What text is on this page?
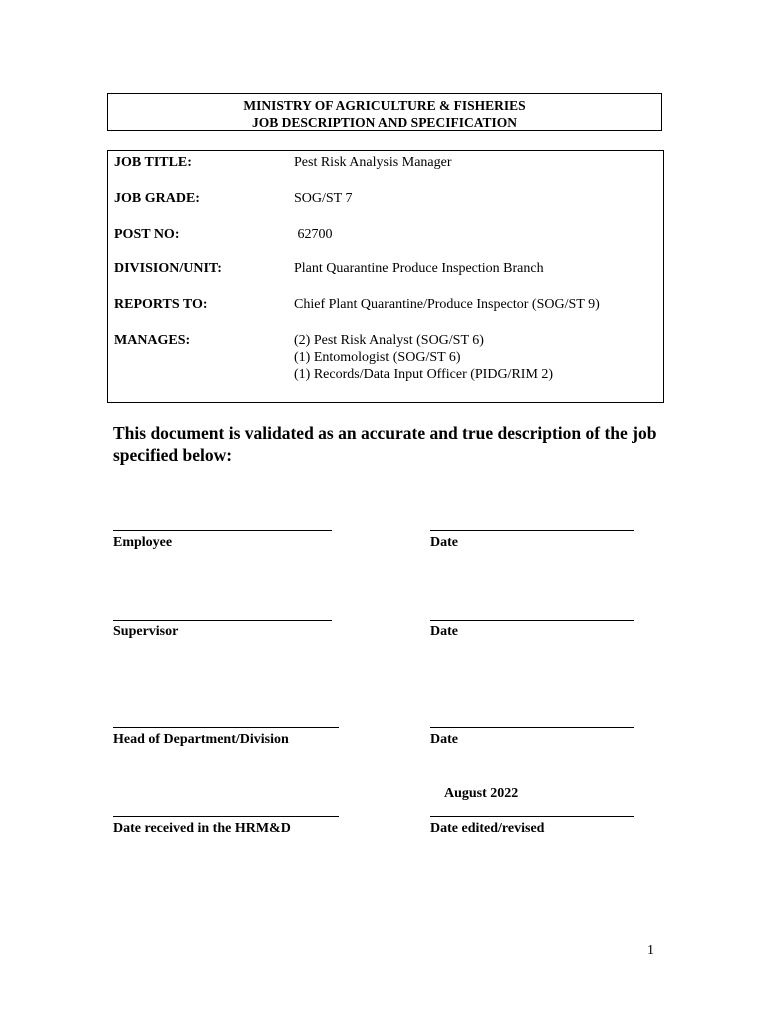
MINISTRY OF AGRICULTURE & FISHERIES
JOB DESCRIPTION AND SPECIFICATION
JOB TITLE:	Pest Risk Analysis Manager
JOB GRADE:	SOG/ST 7
POST NO:	62700
DIVISION/UNIT:	Plant Quarantine Produce Inspection Branch
REPORTS TO:	Chief Plant Quarantine/Produce Inspector (SOG/ST 9)
MANAGES:	(2) Pest Risk Analyst (SOG/ST 6)
(1) Entomologist (SOG/ST 6)
(1) Records/Data Input Officer (PIDG/RIM 2)
This document is validated as an accurate and true description of the job specified below:
Employee	Date
Supervisor	Date
Head of Department/Division	Date
August 2022
Date received in the HRM&D	Date edited/revised
1
